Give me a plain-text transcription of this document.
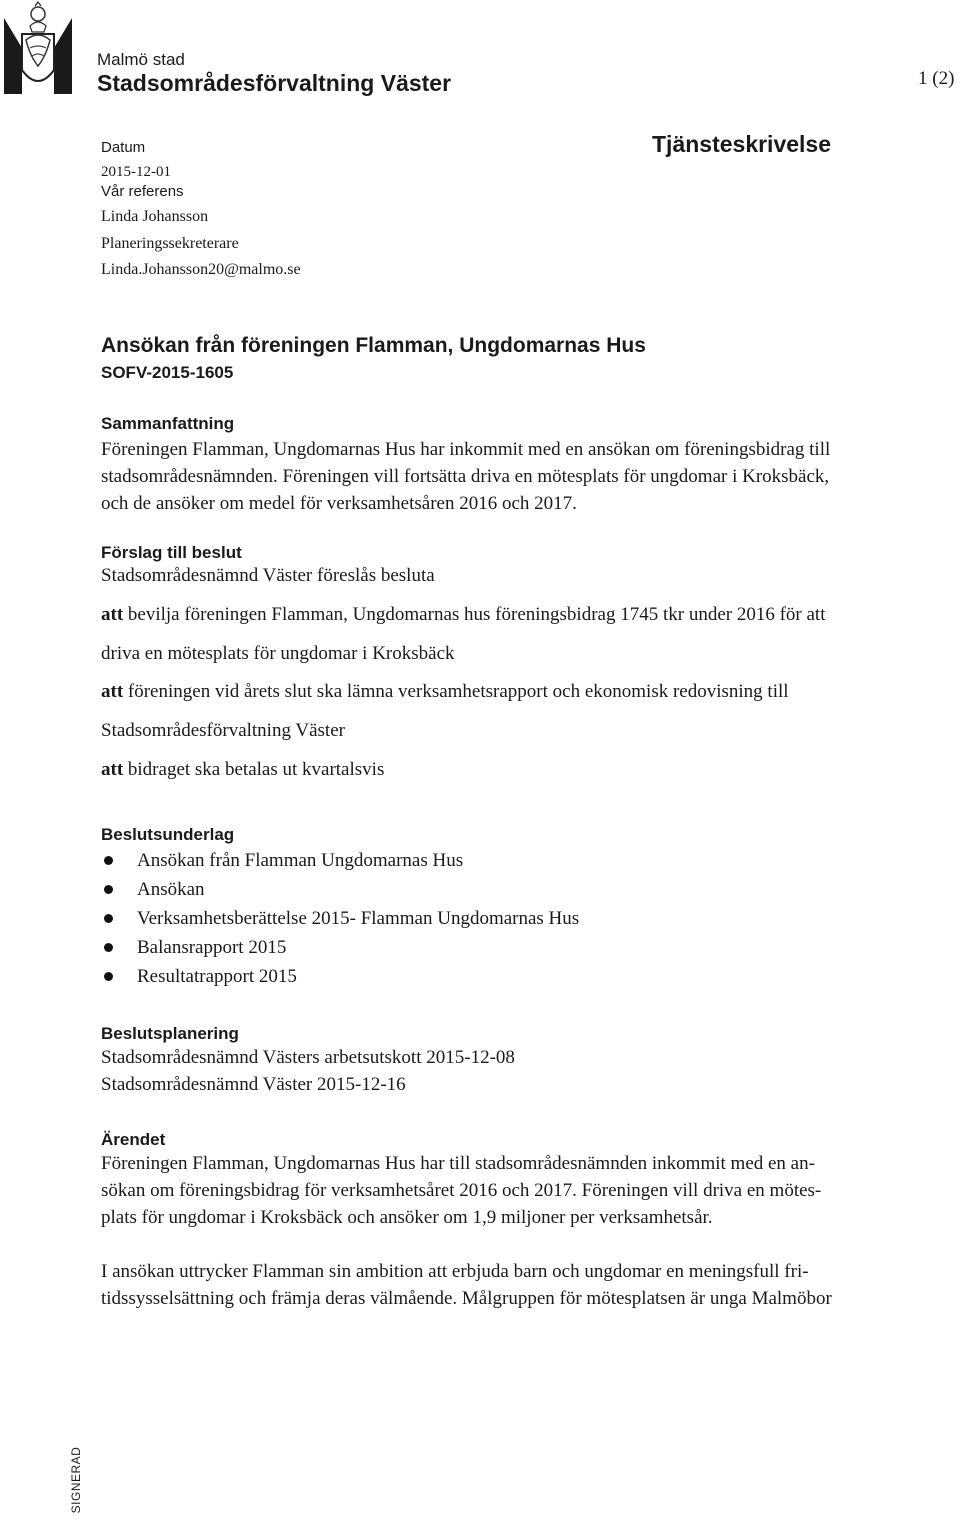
Malmö stad
Stadsområdesförvaltning Väster	1 (2)
Datum
2015-12-01
Vår referens
Linda Johansson
Planeringssekreterare
Linda.Johansson20@malmo.se
Tjänsteskrivelse
Ansökan från föreningen Flamman, Ungdomarnas Hus
SOFV-2015-1605
Sammanfattning
Föreningen Flamman, Ungdomarnas Hus har inkommit med en ansökan om föreningsbidrag till
stadsområdesnämnden. Föreningen vill fortsätta driva en mötesplats för ungdomar i Kroksbäck,
och de ansöker om medel för verksamhetsåren 2016 och 2017.
Förslag till beslut
Stadsområdesnämnd Väster föreslås besluta
att bevilja föreningen Flamman, Ungdomarnas hus föreningsbidrag 1745 tkr under 2016 för att
driva en mötesplats för ungdomar i Kroksbäck
att föreningen vid årets slut ska lämna verksamhetsrapport och ekonomisk redovisning till
Stadsområdesförvaltning Väster
att bidraget ska betalas ut kvartalsvis
Beslutsunderlag
Ansökan från Flamman Ungdomarnas Hus
Ansökan
Verksamhetsberättelse 2015- Flamman Ungdomarnas Hus
Balansrapport 2015
Resultatrapport 2015
Beslutsplanering
Stadsområdesnämnd Västers arbetsutskott 2015-12-08
Stadsområdesnämnd Väster 2015-12-16
Ärendet
Föreningen Flamman, Ungdomarnas Hus har till stadsområdesnämnden inkommit med en an-
sökan om föreningsbidrag för verksamhetsåret 2016 och 2017. Föreningen vill driva en mötes-
plats för ungdomar i Kroksbäck och ansöker om 1,9 miljoner per verksamhetsår.
I ansökan uttrycker Flamman sin ambition att erbjuda barn och ungdomar en meningsfull fri-
tidssysselsättning och främja deras välmående. Målgruppen för mötesplatsen är unga Malmöbor
SIGNERAD
